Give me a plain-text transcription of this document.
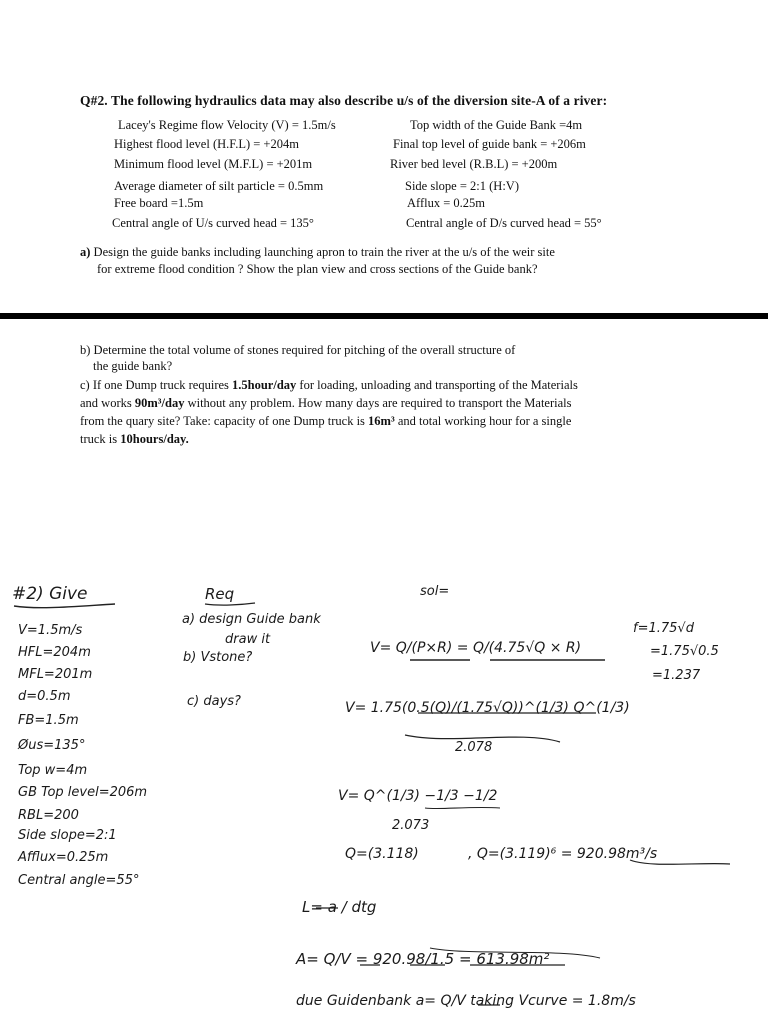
Q#2. The following hydraulics data may also describe u/s of the diversion site-A of a river:
Lacey's Regime flow Velocity (V) = 1.5m/s
Highest flood level (H.F.L) = +204m
Minimum flood level (M.F.L) = +201m
Average diameter of silt particle = 0.5mm
Free board =1.5m
Central angle of U/s curved head = 135°
Top width of the Guide Bank =4m
Final top level of guide bank = +206m
River bed level (R.B.L) = +200m
Side slope = 2:1 (H:V)
Afflux = 0.25m
Central angle of D/s curved head = 55°
a) Design the guide banks including launching apron to train the river at the u/s of the weir site
for extreme flood condition ? Show the plan view and cross sections of the Guide bank?
b) Determine the total volume of stones required for pitching of the overall structure of
the guide bank?
c) If one Dump truck requires 1.5hour/day for loading, unloading and transporting of the Materials
and works 90m³/day without any problem. How many days are required to transport the Materials
from the quary site? Take: capacity of one Dump truck is 16m³ and total working hour for a single
truck is 10hours/day.
#2) Give
V=1.5m/s
HFL=204m
MFL=201m
d=0.5m
FB=1.5m
Øus=135°
Top w=4m
GB Top level=206m
RBL=200
Side slope=2:1
Afflux=0.25m
Central angle=55°
Req
a) design Guide bank
draw it
b) Vstone?
c) days?
sol=
V= Q/(P×R) = Q/(4.75√Q × R)
f=1.75√d
=1.75√0.5
=1.237
V= 1.75(0.5(Q)/(1.75√Q))^(1/3) Q^(1/3)
2.078
V= Q^(1/3) −1/3 −1/2
2.073
Q=(3.118)	, Q=(3.119)⁶ = 920.98m³/s
L= a / dtg
A= Q/V = 920.98/1.5 = 613.98m²
due Guidenbank a= Q/V taking Vcurve = 1.8m/s
